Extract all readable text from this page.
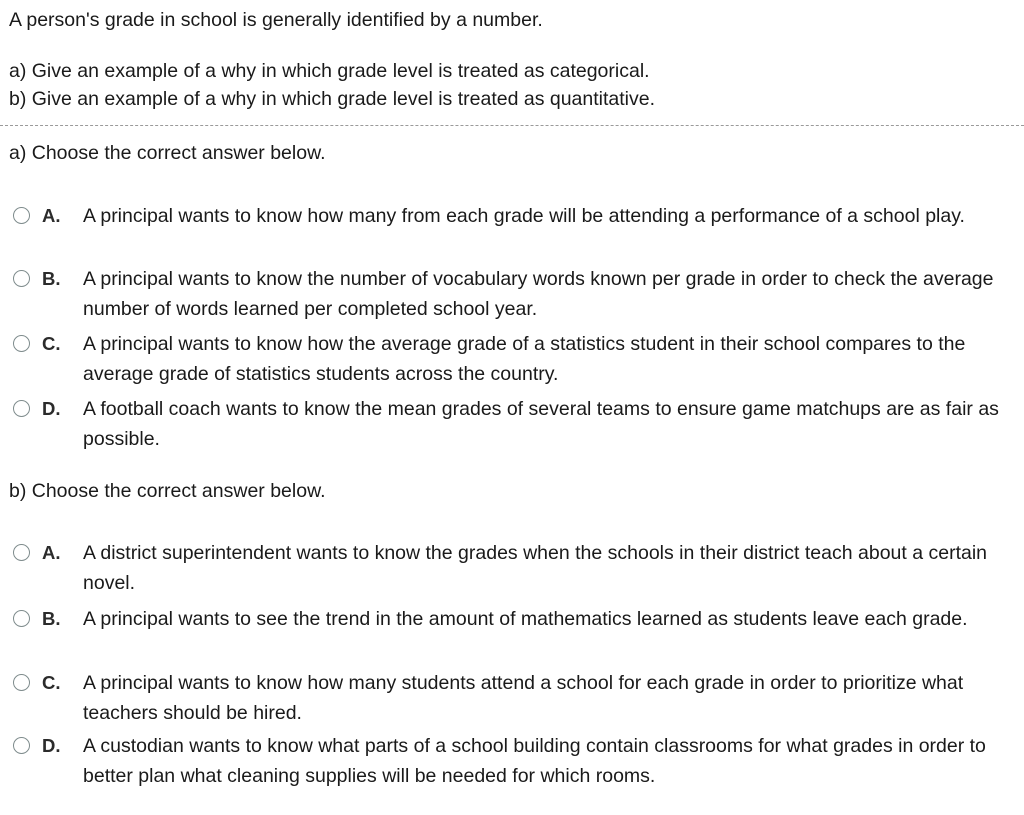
A person's grade in school is generally identified by a number.
a) Give an example of a why in which grade level is treated as categorical.
b) Give an example of a why in which grade level is treated as quantitative.
a) Choose the correct answer below.
A. A principal wants to know how many from each grade will be attending a performance of a school play.
B. A principal wants to know the number of vocabulary words known per grade in order to check the average number of words learned per completed school year.
C. A principal wants to know how the average grade of a statistics student in their school compares to the average grade of statistics students across the country.
D. A football coach wants to know the mean grades of several teams to ensure game matchups are as fair as possible.
b) Choose the correct answer below.
A. A district superintendent wants to know the grades when the schools in their district teach about a certain novel.
B. A principal wants to see the trend in the amount of mathematics learned as students leave each grade.
C. A principal wants to know how many students attend a school for each grade in order to prioritize what teachers should be hired.
D. A custodian wants to know what parts of a school building contain classrooms for what grades in order to better plan what cleaning supplies will be needed for which rooms.
